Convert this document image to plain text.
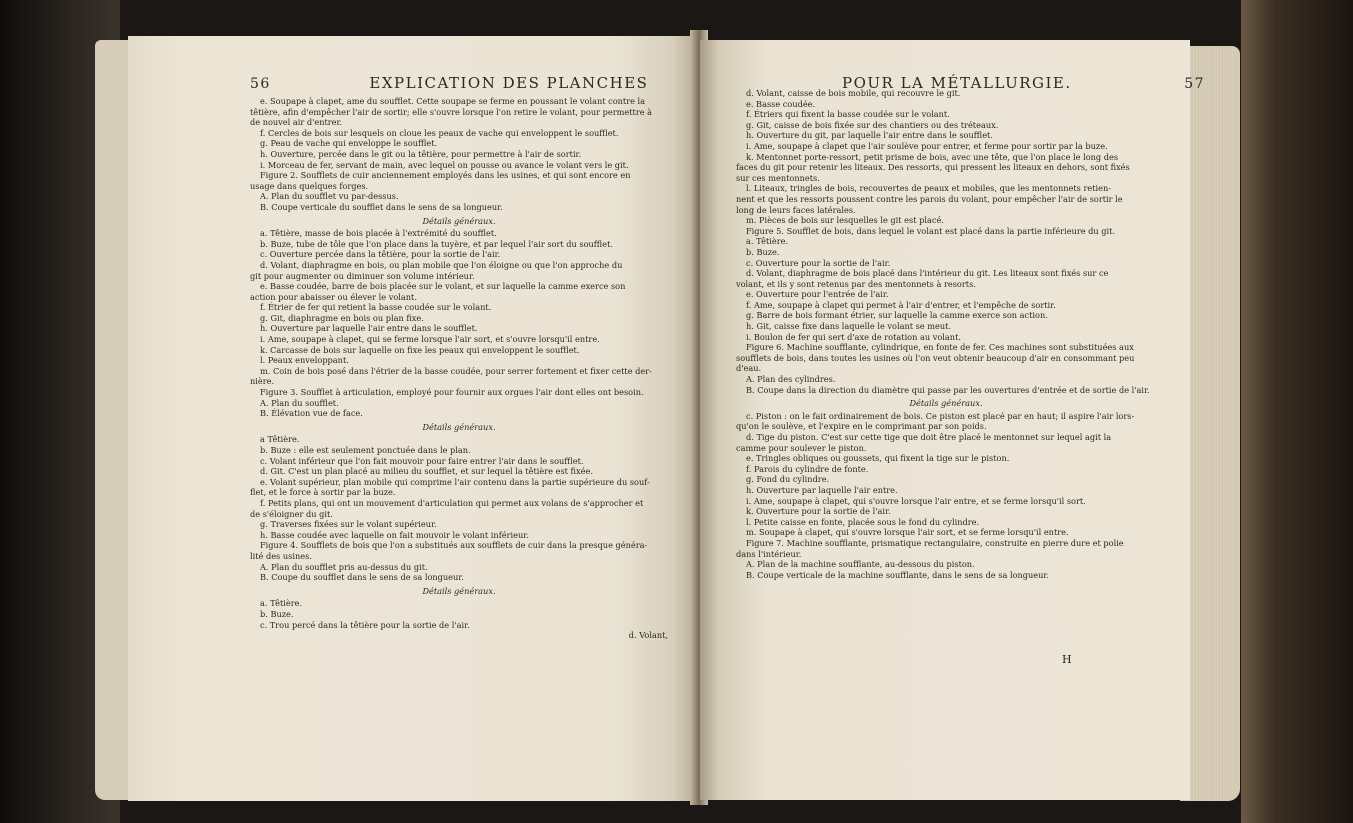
56	EXPLICATION DES PLANCHES

e. Soupape à clapet, ame du soufflet. Cette soupape se ferme en poussant le volant contre la

têtière, afin d'empêcher l'air de sortir; elle s'ouvre lorsque l'on retire le volant, pour permettre à

de nouvel air d'entrer.

f. Cercles de bois sur lesquels on cloue les peaux de vache qui enveloppent le soufflet.

g. Peau de vache qui enveloppe le soufflet.

h. Ouverture, percée dans le git ou la têtière, pour permettre à l'air de sortir.

i. Morceau de fer, servant de main, avec lequel on pousse ou avance le volant vers le git.

Figure 2. Soufflets de cuir anciennement employés dans les usines, et qui sont encore en

usage dans quelques forges.

A. Plan du soufflet vu par-dessus.

B. Coupe verticale du soufflet dans le sens de sa longueur.

Détails généraux.

a. Têtière, masse de bois placée à l'extrémité du soufflet.

b. Buze, tube de tôle que l'on place dans la tuyère, et par lequel l'air sort du soufflet.

c. Ouverture percée dans la têtière, pour la sortie de l'air.

d. Volant, diaphragme en bois, ou plan mobile que l'on éloigne ou que l'on approche du

git pour augmenter ou diminuer son volume intérieur.

e. Basse coudée, barre de bois placée sur le volant, et sur laquelle la camme exerce son

action pour abaisser ou élever le volant.

f. Étrier de fer qui retient la basse coudée sur le volant.

g. Git, diaphragme en bois ou plan fixe.

h. Ouverture par laquelle l'air entre dans le soufflet.

i. Ame, soupape à clapet, qui se ferme lorsque l'air sort, et s'ouvre lorsqu'il entre.

k. Carcasse de bois sur laquelle on fixe les peaux qui enveloppent le soufflet.

l. Peaux enveloppant.

m. Coin de bois posé dans l'étrier de la basse coudée, pour serrer fortement et fixer cette der-

nière.

Figure 3. Soufflet à articulation, employé pour fournir aux orgues l'air dont elles ont besoin.

A. Plan du soufflet.

B. Élévation vue de face.

Détails généraux.

a Têtière.

b. Buze : elle est seulement ponctuée dans le plan.

c. Volant inférieur que l'on fait mouvoir pour faire entrer l'air dans le soufflet.

d. Git. C'est un plan placé au milieu du soufflet, et sur lequel la têtière est fixée.

e. Volant supérieur, plan mobile qui comprime l'air contenu dans la partie supérieure du souf-

flet, et le force à sortir par la buze.

f. Petits plans, qui ont un mouvement d'articulation qui permet aux volans de s'approcher et

de s'éloigner du git.

g. Traverses fixées sur le volant supérieur.

h. Basse coudée avec laquelle on fait mouvoir le volant inférieur.

Figure 4. Soufflets de bois que l'on a substitués aux soufflets de cuir dans la presque généra-

lité des usines.

A. Plan du soufflet pris au-dessus du git.

B. Coupe du soufflet dans le sens de sa longueur.

Détails généraux.

a. Têtière.

b. Buze.

c. Trou percé dans la têtière pour la sortie de l'air.

d. Volant,

POUR LA MÉTALLURGIE.	57

d. Volant, caisse de bois mobile, qui recouvre le git.

e. Basse coudée.

f. Étriers qui fixent la basse coudée sur le volant.

g. Git, caisse de bois fixée sur des chantiers ou des tréteaux.

h. Ouverture du git, par laquelle l'air entre dans le soufflet.

i. Ame, soupape à clapet que l'air soulève pour entrer, et ferme pour sortir par la buze.

k. Mentonnet porte-ressort, petit prisme de bois, avec une tête, que l'on place le long des

faces du git pour retenir les liteaux. Des ressorts, qui pressent les liteaux en dehors, sont fixés

sur ces mentonnets.

l. Liteaux, tringles de bois, recouvertes de peaux et mobiles, que les mentonnets retien-

nent et que les ressorts poussent contre les parois du volant, pour empêcher l'air de sortir le

long de leurs faces latérales.

m. Pièces de bois sur lesquelles le git est placé.

Figure 5. Soufflet de bois, dans lequel le volant est placé dans la partie inférieure du git.

a. Têtière.

b. Buze.

c. Ouverture pour la sortie de l'air.

d. Volant, diaphragme de bois placé dans l'intérieur du git. Les liteaux sont fixés sur ce

volant, et ils y sont retenus par des mentonnets à resorts.

e. Ouverture pour l'entrée de l'air.

f. Ame, soupape à clapet qui permet à l'air d'entrer, et l'empêche de sortir.

g. Barre de bois formant étrier, sur laquelle la camme exerce son action.

h. Git, caisse fixe dans laquelle le volant se meut.

i. Boulon de fer qui sert d'axe de rotation au volant.

Figure 6. Machine soufflante, cylindrique, en fonte de fer. Ces machines sont substituées aux

soufflets de bois, dans toutes les usines où l'on veut obtenir beaucoup d'air en consommant peu

d'eau.

A. Plan des cylindres.

B. Coupe dans la direction du diamètre qui passe par les ouvertures d'entrée et de sortie de l'air.

Détails généraux.

c. Piston : on le fait ordinairement de bois. Ce piston est placé par en haut; il aspire l'air lors-

qu'on le soulève, et l'expire en le comprimant par son poids.

d. Tige du piston. C'est sur cette tige que doit être placé le mentonnet sur lequel agit la

camme pour soulever le piston.

e. Tringles obliques ou goussets, qui fixent la tige sur le piston.

f. Parois du cylindre de fonte.

g. Fond du cylindre.

h. Ouverture par laquelle l'air entre.

i. Ame, soupape à clapet, qui s'ouvre lorsque l'air entre, et se ferme lorsqu'il sort.

k. Ouverture pour la sortie de l'air.

l. Petite caisse en fonte, placée sous le fond du cylindre.

m. Soupape à clapet, qui s'ouvre lorsque l'air sort, et se ferme lorsqu'il entre.

Figure 7. Machine soufflante, prismatique rectangulaire, construite en pierre dure et polie

dans l'intérieur.

A. Plan de la machine soufflante, au-dessous du piston.

B. Coupe verticale de la machine soufflante, dans le sens de sa longueur.

H
